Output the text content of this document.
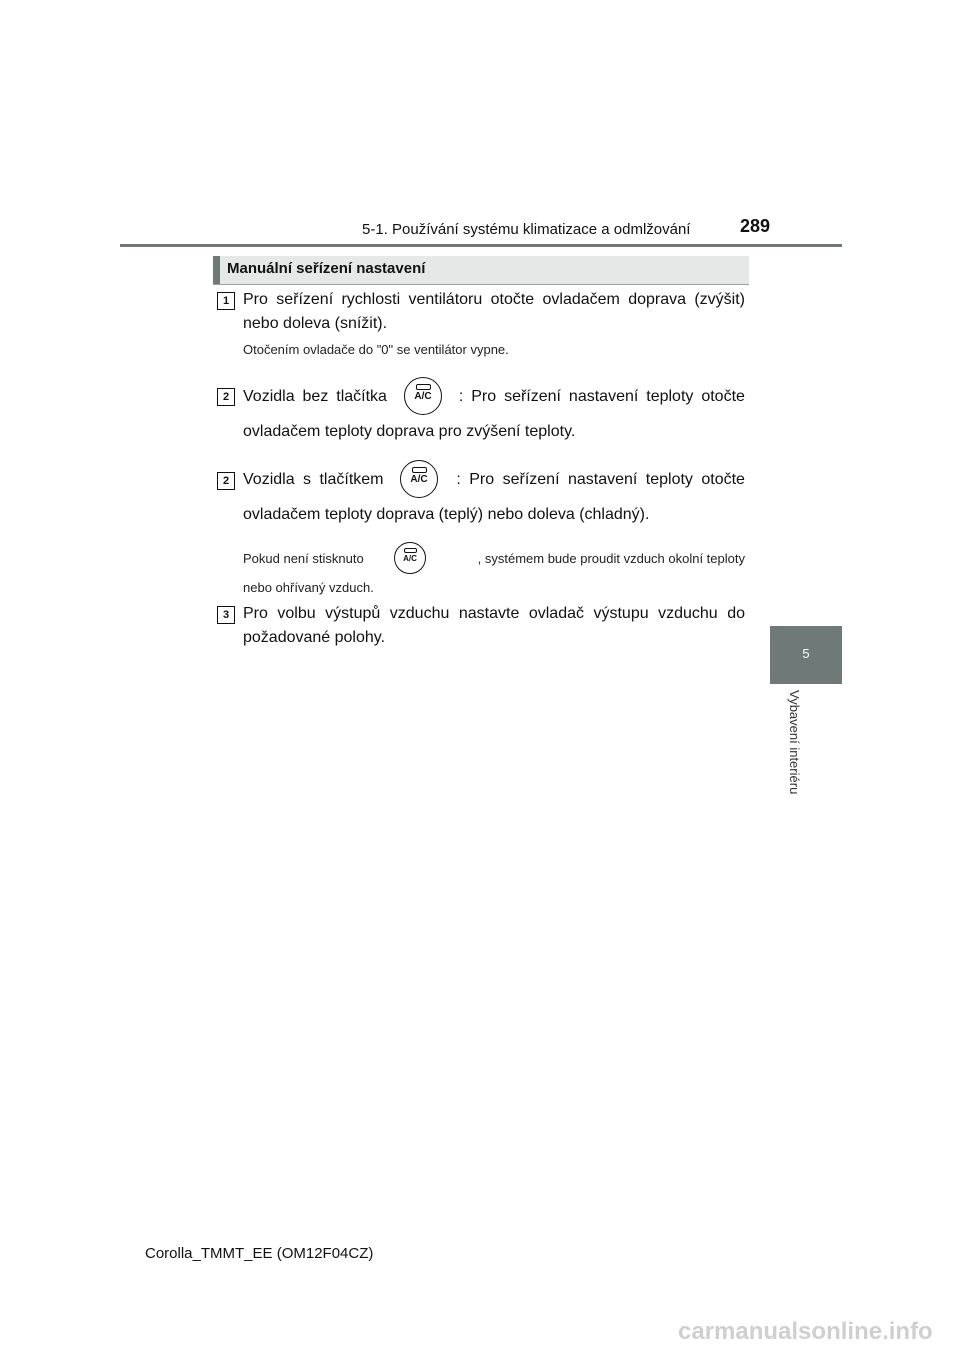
5-1. Používání systému klimatizace a odmlžování	289
5
Vybavení interiéru
Manuální seřízení nastavení
1 Pro seřízení rychlosti ventilátoru otočte ovladačem doprava (zvýšit) nebo doleva (snížit).
Otočením ovladače do "0" se ventilátor vypne.
2 Vozidla bez tlačítka	: Pro seřízení nastavení teploty otočte
A/C
ovladačem teploty doprava pro zvýšení teploty.
2 Vozidla s tlačítkem	: Pro seřízení nastavení teploty otočte
A/C
ovladačem teploty doprava (teplý) nebo doleva (chladný).
Pokud není stisknuto	, systémem bude proudit vzduch okolní teploty
A/C
nebo ohřívaný vzduch.
3 Pro volbu výstupů vzduchu nastavte ovladač výstupu vzduchu do požadované polohy.
Corolla_TMMT_EE (OM12F04CZ)
carmanualsonline.info
